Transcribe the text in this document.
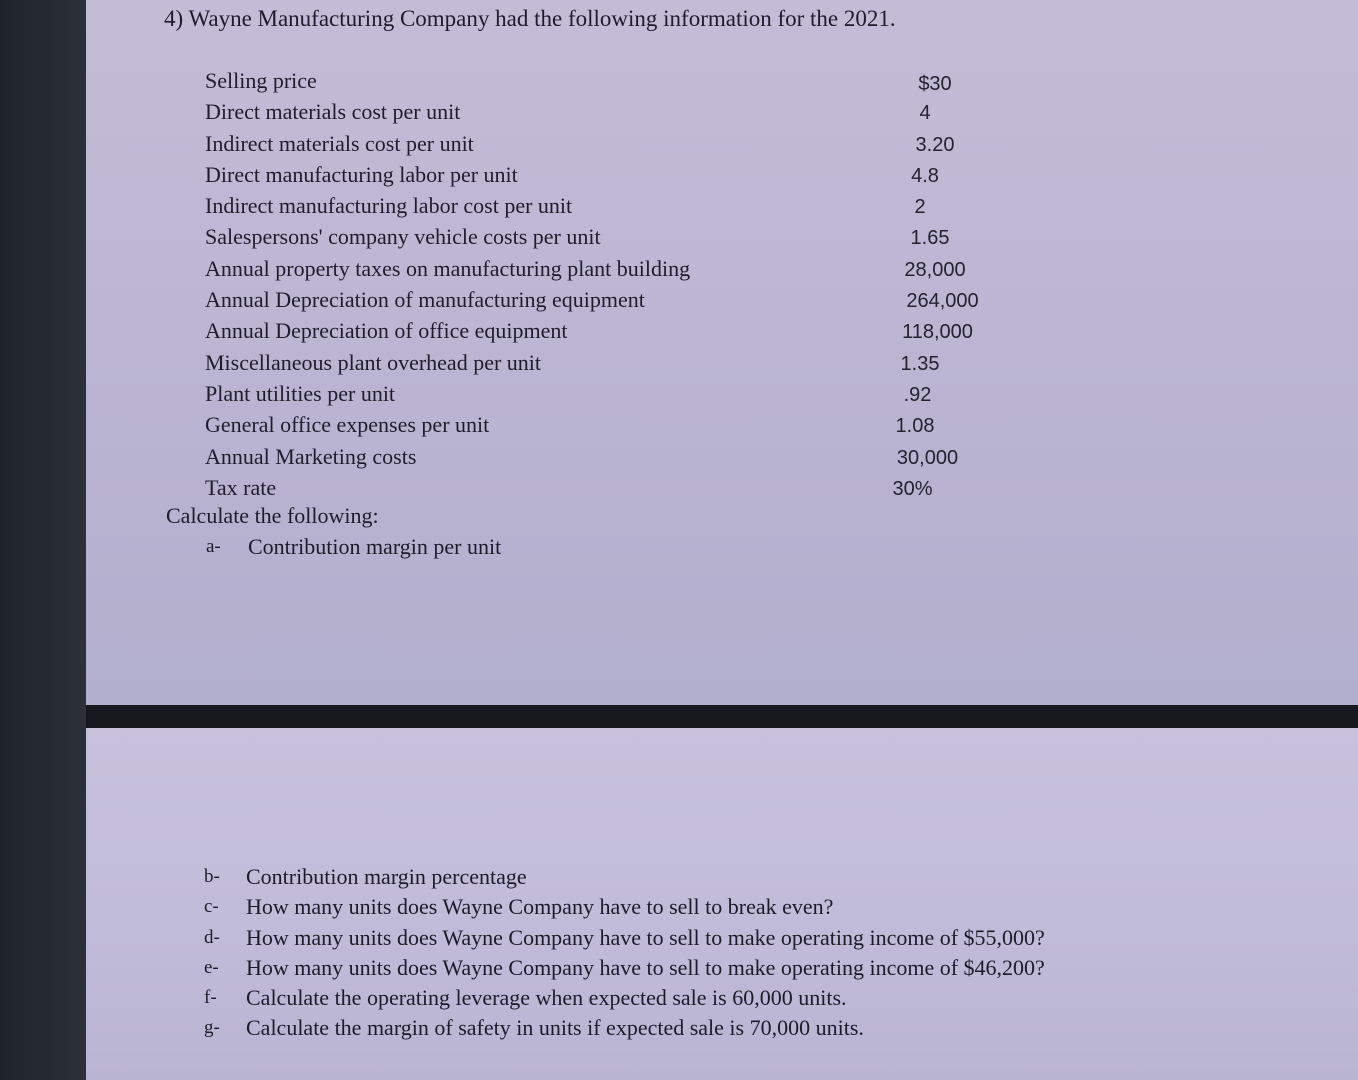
4) Wayne Manufacturing Company had the following information for the 2021.
Selling price	$30
Direct materials cost per unit	4
Indirect materials cost per unit	3.20
Direct manufacturing labor per unit	4.8
Indirect manufacturing labor cost per unit	2
Salespersons' company vehicle costs per unit	1.65
Annual property taxes on manufacturing plant building	28,000
Annual Depreciation of manufacturing equipment	264,000
Annual Depreciation of office equipment	118,000
Miscellaneous plant overhead per unit	1.35
Plant utilities per unit	.92
General office expenses per unit	1.08
Annual Marketing costs	30,000
Tax rate	30%
Calculate the following:
a-	Contribution margin per unit
b-	Contribution margin percentage
c-	How many units does Wayne Company have to sell to break even?
d-	How many units does Wayne Company have to sell to make operating income of $55,000?
e-	How many units does Wayne Company have to sell to make operating income of $46,200?
f-	Calculate the operating leverage when expected sale is 60,000 units.
g-	Calculate the margin of safety in units if expected sale is 70,000 units.
